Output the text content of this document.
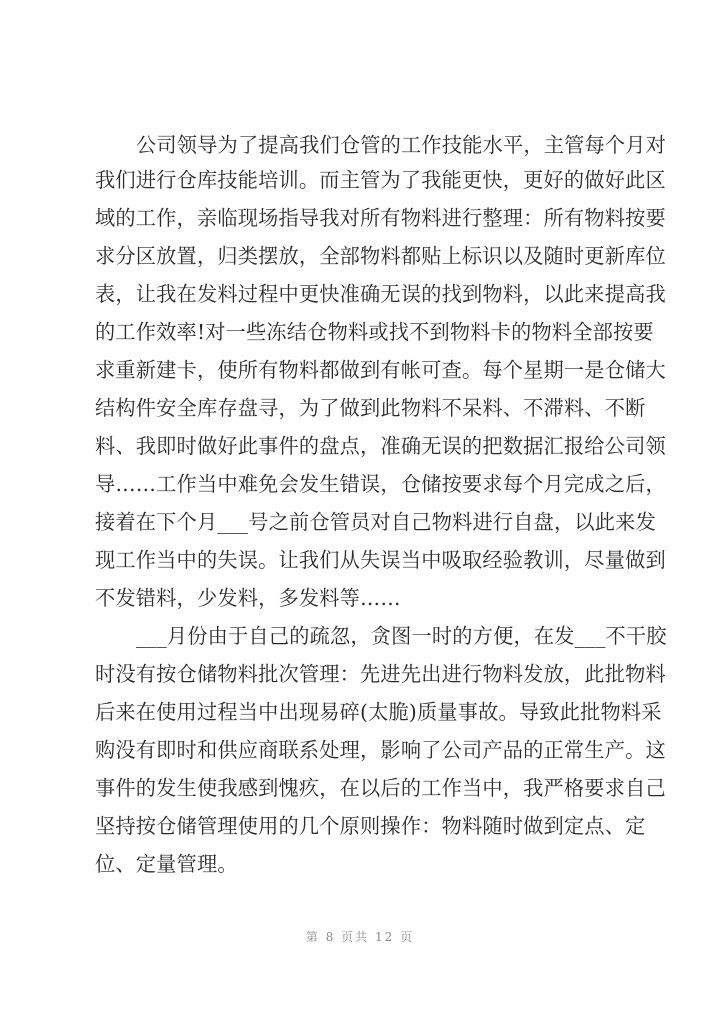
公司领导为了提高我们仓管的工作技能水平，主管每个月对
我们进行仓库技能培训。而主管为了我能更快，更好的做好此区
域的工作，亲临现场指导我对所有物料进行整理：所有物料按要
求分区放置，归类摆放，全部物料都贴上标识以及随时更新库位
表，让我在发料过程中更快准确无误的找到物料，以此来提高我
的工作效率!对一些冻结仓物料或找不到物料卡的物料全部按要
求重新建卡，使所有物料都做到有帐可查。每个星期一是仓储大
结构件安全库存盘寻，为了做到此物料不呆料、不滞料、不断
料、我即时做好此事件的盘点，准确无误的把数据汇报给公司领
导……工作当中难免会发生错误，仓储按要求每个月完成之后，
接着在下个月___号之前仓管员对自己物料进行自盘，以此来发
现工作当中的失误。让我们从失误当中吸取经验教训，尽量做到
不发错料，少发料，多发料等……
___月份由于自己的疏忽，贪图一时的方便，在发___不干胶
时没有按仓储物料批次管理：先进先出进行物料发放，此批物料
后来在使用过程当中出现易碎(太脆)质量事故。导致此批物料采
购没有即时和供应商联系处理，影响了公司产品的正常生产。这
事件的发生使我感到愧疚，在以后的工作当中，我严格要求自己
坚持按仓储管理使用的几个原则操作：物料随时做到定点、定
位、定量管理。
第 8 页共 12 页
